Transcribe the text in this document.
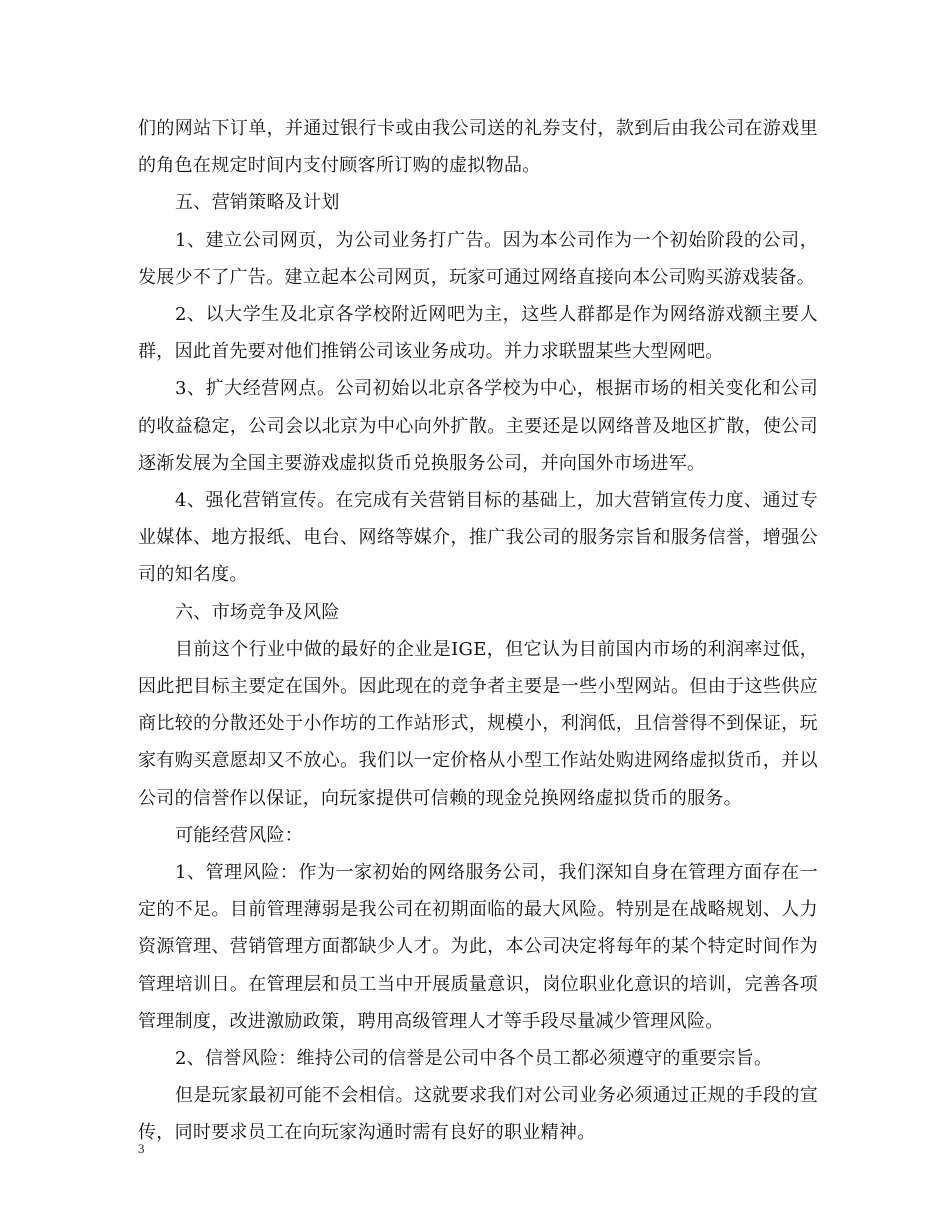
们的网站下订单，并通过银行卡或由我公司送的礼券支付，款到后由我公司在游戏里的角色在规定时间内支付顾客所订购的虚拟物品。

五、营销策略及计划

1、建立公司网页，为公司业务打广告。因为本公司作为一个初始阶段的公司，发展少不了广告。建立起本公司网页，玩家可通过网络直接向本公司购买游戏装备。

2、以大学生及北京各学校附近网吧为主，这些人群都是作为网络游戏额主要人群，因此首先要对他们推销公司该业务成功。并力求联盟某些大型网吧。

3、扩大经营网点。公司初始以北京各学校为中心，根据市场的相关变化和公司的收益稳定，公司会以北京为中心向外扩散。主要还是以网络普及地区扩散，使公司逐渐发展为全国主要游戏虚拟货币兑换服务公司，并向国外市场进军。

4、强化营销宣传。在完成有关营销目标的基础上，加大营销宣传力度、通过专业媒体、地方报纸、电台、网络等媒介，推广我公司的服务宗旨和服务信誉，增强公司的知名度。

六、市场竞争及风险

目前这个行业中做的最好的企业是IGE，但它认为目前国内市场的利润率过低，因此把目标主要定在国外。因此现在的竞争者主要是一些小型网站。但由于这些供应商比较的分散还处于小作坊的工作站形式，规模小，利润低，且信誉得不到保证，玩家有购买意愿却又不放心。我们以一定价格从小型工作站处购进网络虚拟货币，并以公司的信誉作以保证，向玩家提供可信赖的现金兑换网络虚拟货币的服务。

可能经营风险：

1、管理风险：作为一家初始的网络服务公司，我们深知自身在管理方面存在一定的不足。目前管理薄弱是我公司在初期面临的最大风险。特别是在战略规划、人力资源管理、营销管理方面都缺少人才。为此，本公司决定将每年的某个特定时间作为管理培训日。在管理层和员工当中开展质量意识，岗位职业化意识的培训，完善各项管理制度，改进激励政策，聘用高级管理人才等手段尽量减少管理风险。

2、信誉风险：维持公司的信誉是公司中各个员工都必须遵守的重要宗旨。

但是玩家最初可能不会相信。这就要求我们对公司业务必须通过正规的手段的宣传，同时要求员工在向玩家沟通时需有良好的职业精神。

3
